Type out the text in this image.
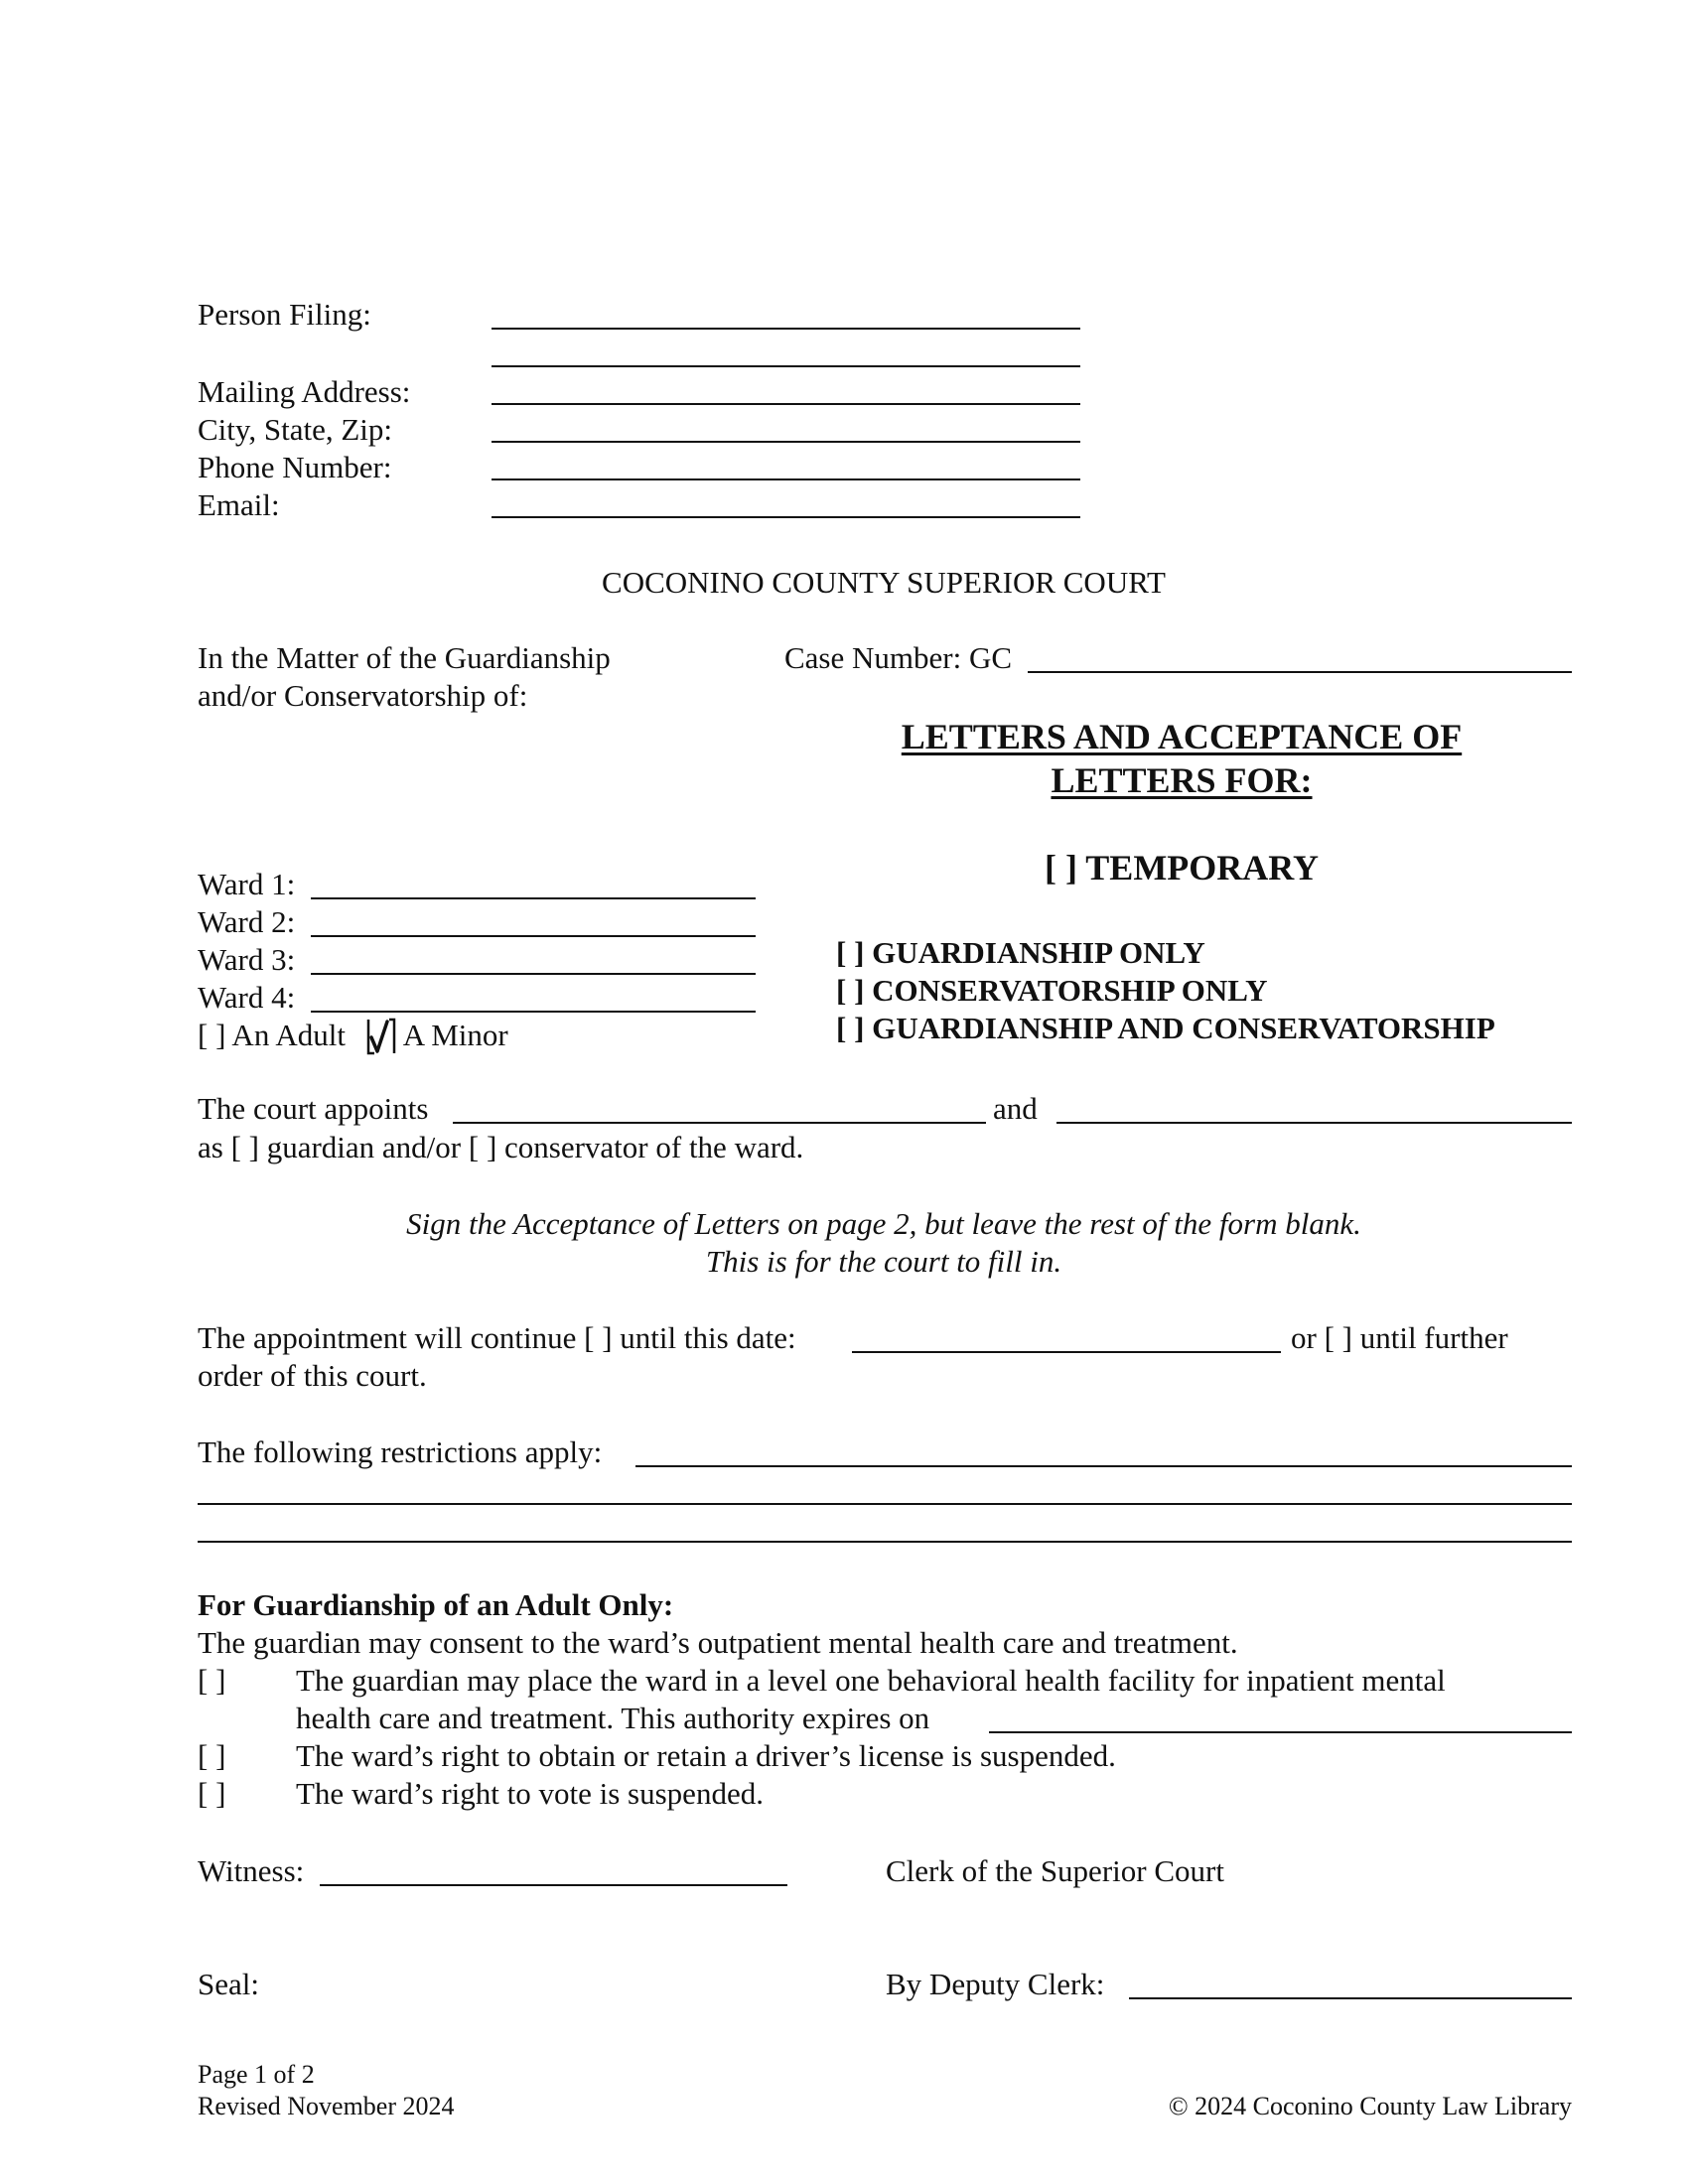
Person Filing:
Mailing Address:
City, State, Zip:
Phone Number:
Email:
COCONINO COUNTY SUPERIOR COURT
In the Matter of the Guardianship
and/or Conservatorship of:
Case Number: GC
LETTERS AND ACCEPTANCE OF
LETTERS FOR:
[ ] TEMPORARY
[ ] GUARDIANSHIP ONLY
[ ] CONSERVATORSHIP ONLY
[ ] GUARDIANSHIP AND CONSERVATORSHIP
Ward 1:
Ward 2:
Ward 3:
Ward 4:
[ ] An Adult A Minor
The court appoints	and
as [ ] guardian and/or [ ] conservator of the ward.
Sign the Acceptance of Letters on page 2, but leave the rest of the form blank.
This is for the court to fill in.
The appointment will continue [ ] until this date:	or [ ] until further
order of this court.
The following restrictions apply:
For Guardianship of an Adult Only:
The guardian may consent to the ward’s outpatient mental health care and treatment.
[ ] The guardian may place the ward in a level one behavioral health facility for inpatient mental
health care and treatment. This authority expires on
[ ] The ward’s right to obtain or retain a driver’s license is suspended.
[ ] The ward’s right to vote is suspended.
Witness:	Clerk of the Superior Court
Seal:	By Deputy Clerk:
Page 1 of 2
Revised November 2024	© 2024 Coconino County Law Library
